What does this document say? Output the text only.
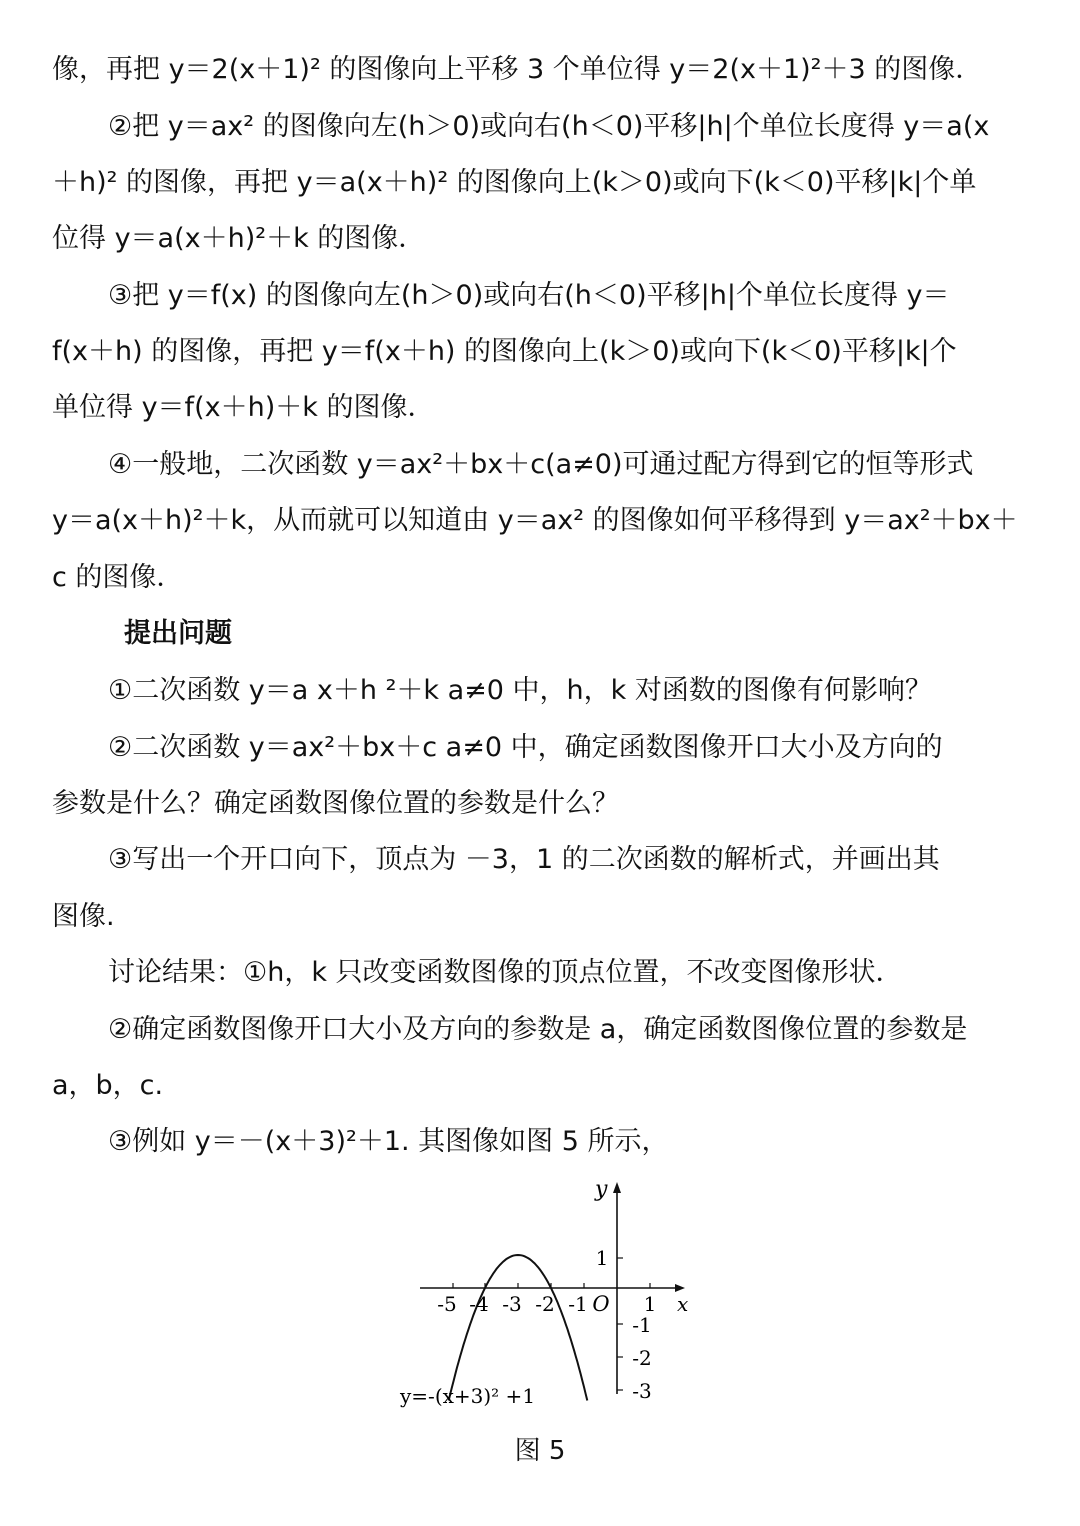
像，再把 y＝2(x＋1)² 的图像向上平移 3 个单位得 y＝2(x＋1)²＋3 的图像．
②把 y＝ax² 的图像向左(h＞0)或向右(h＜0)平移|h|个单位长度得 y＝a(x
＋h)² 的图像，再把 y＝a(x＋h)² 的图像向上(k＞0)或向下(k＜0)平移|k|个单
位得 y＝a(x＋h)²＋k 的图像．
③把 y＝f(x) 的图像向左(h＞0)或向右(h＜0)平移|h|个单位长度得 y＝
f(x＋h) 的图像，再把 y＝f(x＋h) 的图像向上(k＞0)或向下(k＜0)平移|k|个
单位得 y＝f(x＋h)＋k 的图像．
④一般地，二次函数 y＝ax²＋bx＋c(a≠0)可通过配方得到它的恒等形式
y＝a(x＋h)²＋k，从而就可以知道由 y＝ax² 的图像如何平移得到 y＝ax²＋bx＋
c 的图像．
提出问题
①二次函数 y＝a x＋h ²＋k a≠0 中，h，k 对函数的图像有何影响？
②二次函数 y＝ax²＋bx＋c a≠0 中，确定函数图像开口大小及方向的
参数是什么？确定函数图像位置的参数是什么？
③写出一个开口向下，顶点为 －3，1 的二次函数的解析式，并画出其
图像.
讨论结果：①h，k 只改变函数图像的顶点位置，不改变图像形状．
②确定函数图像开口大小及方向的参数是 a，确定函数图像位置的参数是
a，b，c.
③例如 y＝－(x＋3)²＋1. 其图像如图 5 所示，
-5 -4 -3 -2 -1	1
O	x
y
1
-1
-2
-3
y=-(x+3)² +1
图 5
